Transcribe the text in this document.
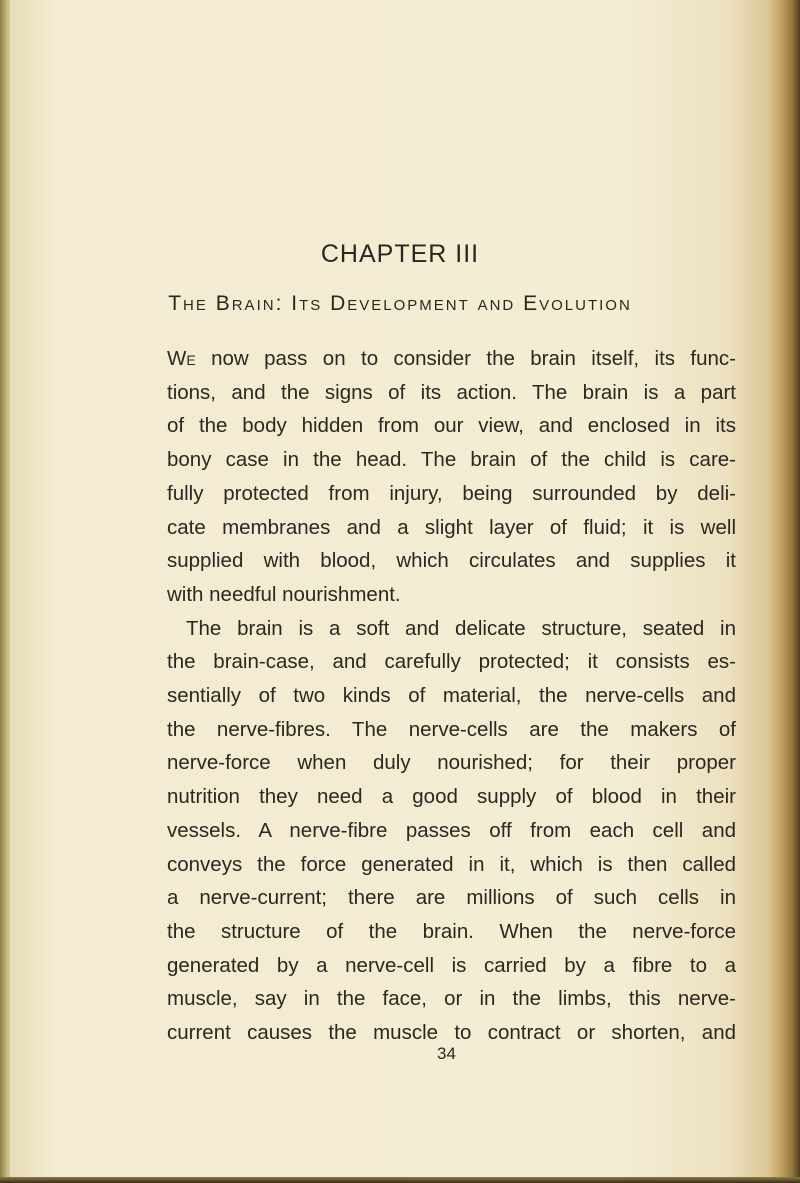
CHAPTER III
The Brain: Its Development and Evolution
We now pass on to consider the brain itself, its func-
tions, and the signs of its action. The brain is a part
of the body hidden from our view, and enclosed in its
bony case in the head. The brain of the child is care-
fully protected from injury, being surrounded by deli-
cate membranes and a slight layer of fluid; it is well
supplied with blood, which circulates and supplies it
with needful nourishment.
The brain is a soft and delicate structure, seated in
the brain-case, and carefully protected; it consists es-
sentially of two kinds of material, the nerve-cells and
the nerve-fibres. The nerve-cells are the makers of
nerve-force when duly nourished; for their proper
nutrition they need a good supply of blood in their
vessels. A nerve-fibre passes off from each cell and
conveys the force generated in it, which is then called
a nerve-current; there are millions of such cells in
the structure of the brain. When the nerve-force
generated by a nerve-cell is carried by a fibre to a
muscle, say in the face, or in the limbs, this nerve-
current causes the muscle to contract or shorten, and
34
